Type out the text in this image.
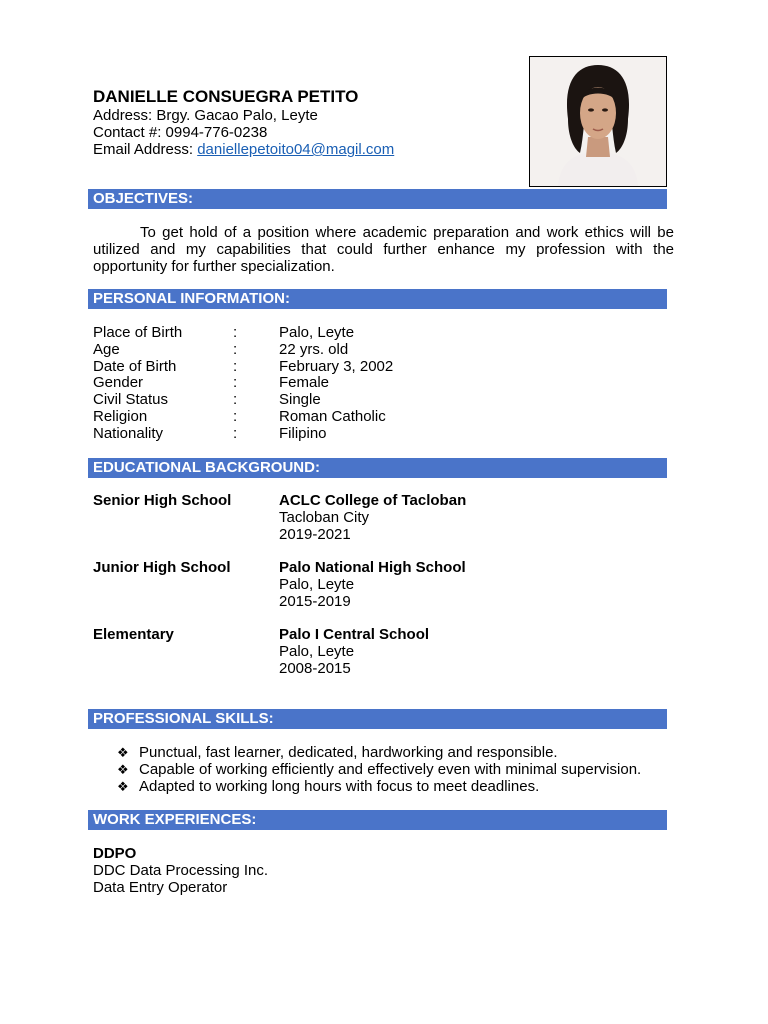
DANIELLE CONSUEGRA PETITO
Address: Brgy. Gacao Palo, Leyte
Contact #: 0994-776-0238
Email Address: daniellepetoito04@magil.com
OBJECTIVES:
To get hold of a position where academic preparation and work ethics will be utilized and my capabilities that could further enhance my profession with the opportunity for further specialization.
PERSONAL INFORMATION:
Place of Birth	:	Palo, Leyte
Age	:	22 yrs. old
Date of Birth	:	February 3, 2002
Gender	:	Female
Civil Status	:	Single
Religion	:	Roman Catholic
Nationality	:	Filipino
EDUCATIONAL BACKGROUND:
Senior High School	ACLC College of Tacloban
Tacloban City
2019-2021
Junior High School	Palo National High School
Palo, Leyte
2015-2019
Elementary	Palo I Central School
Palo, Leyte
2008-2015
PROFESSIONAL SKILLS:
❖ Punctual, fast learner, dedicated, hardworking and responsible.
❖ Capable of working efficiently and effectively even with minimal supervision.
❖ Adapted to working long hours with focus to meet deadlines.
WORK EXPERIENCES:
DDPO
DDC Data Processing Inc.
Data Entry Operator
